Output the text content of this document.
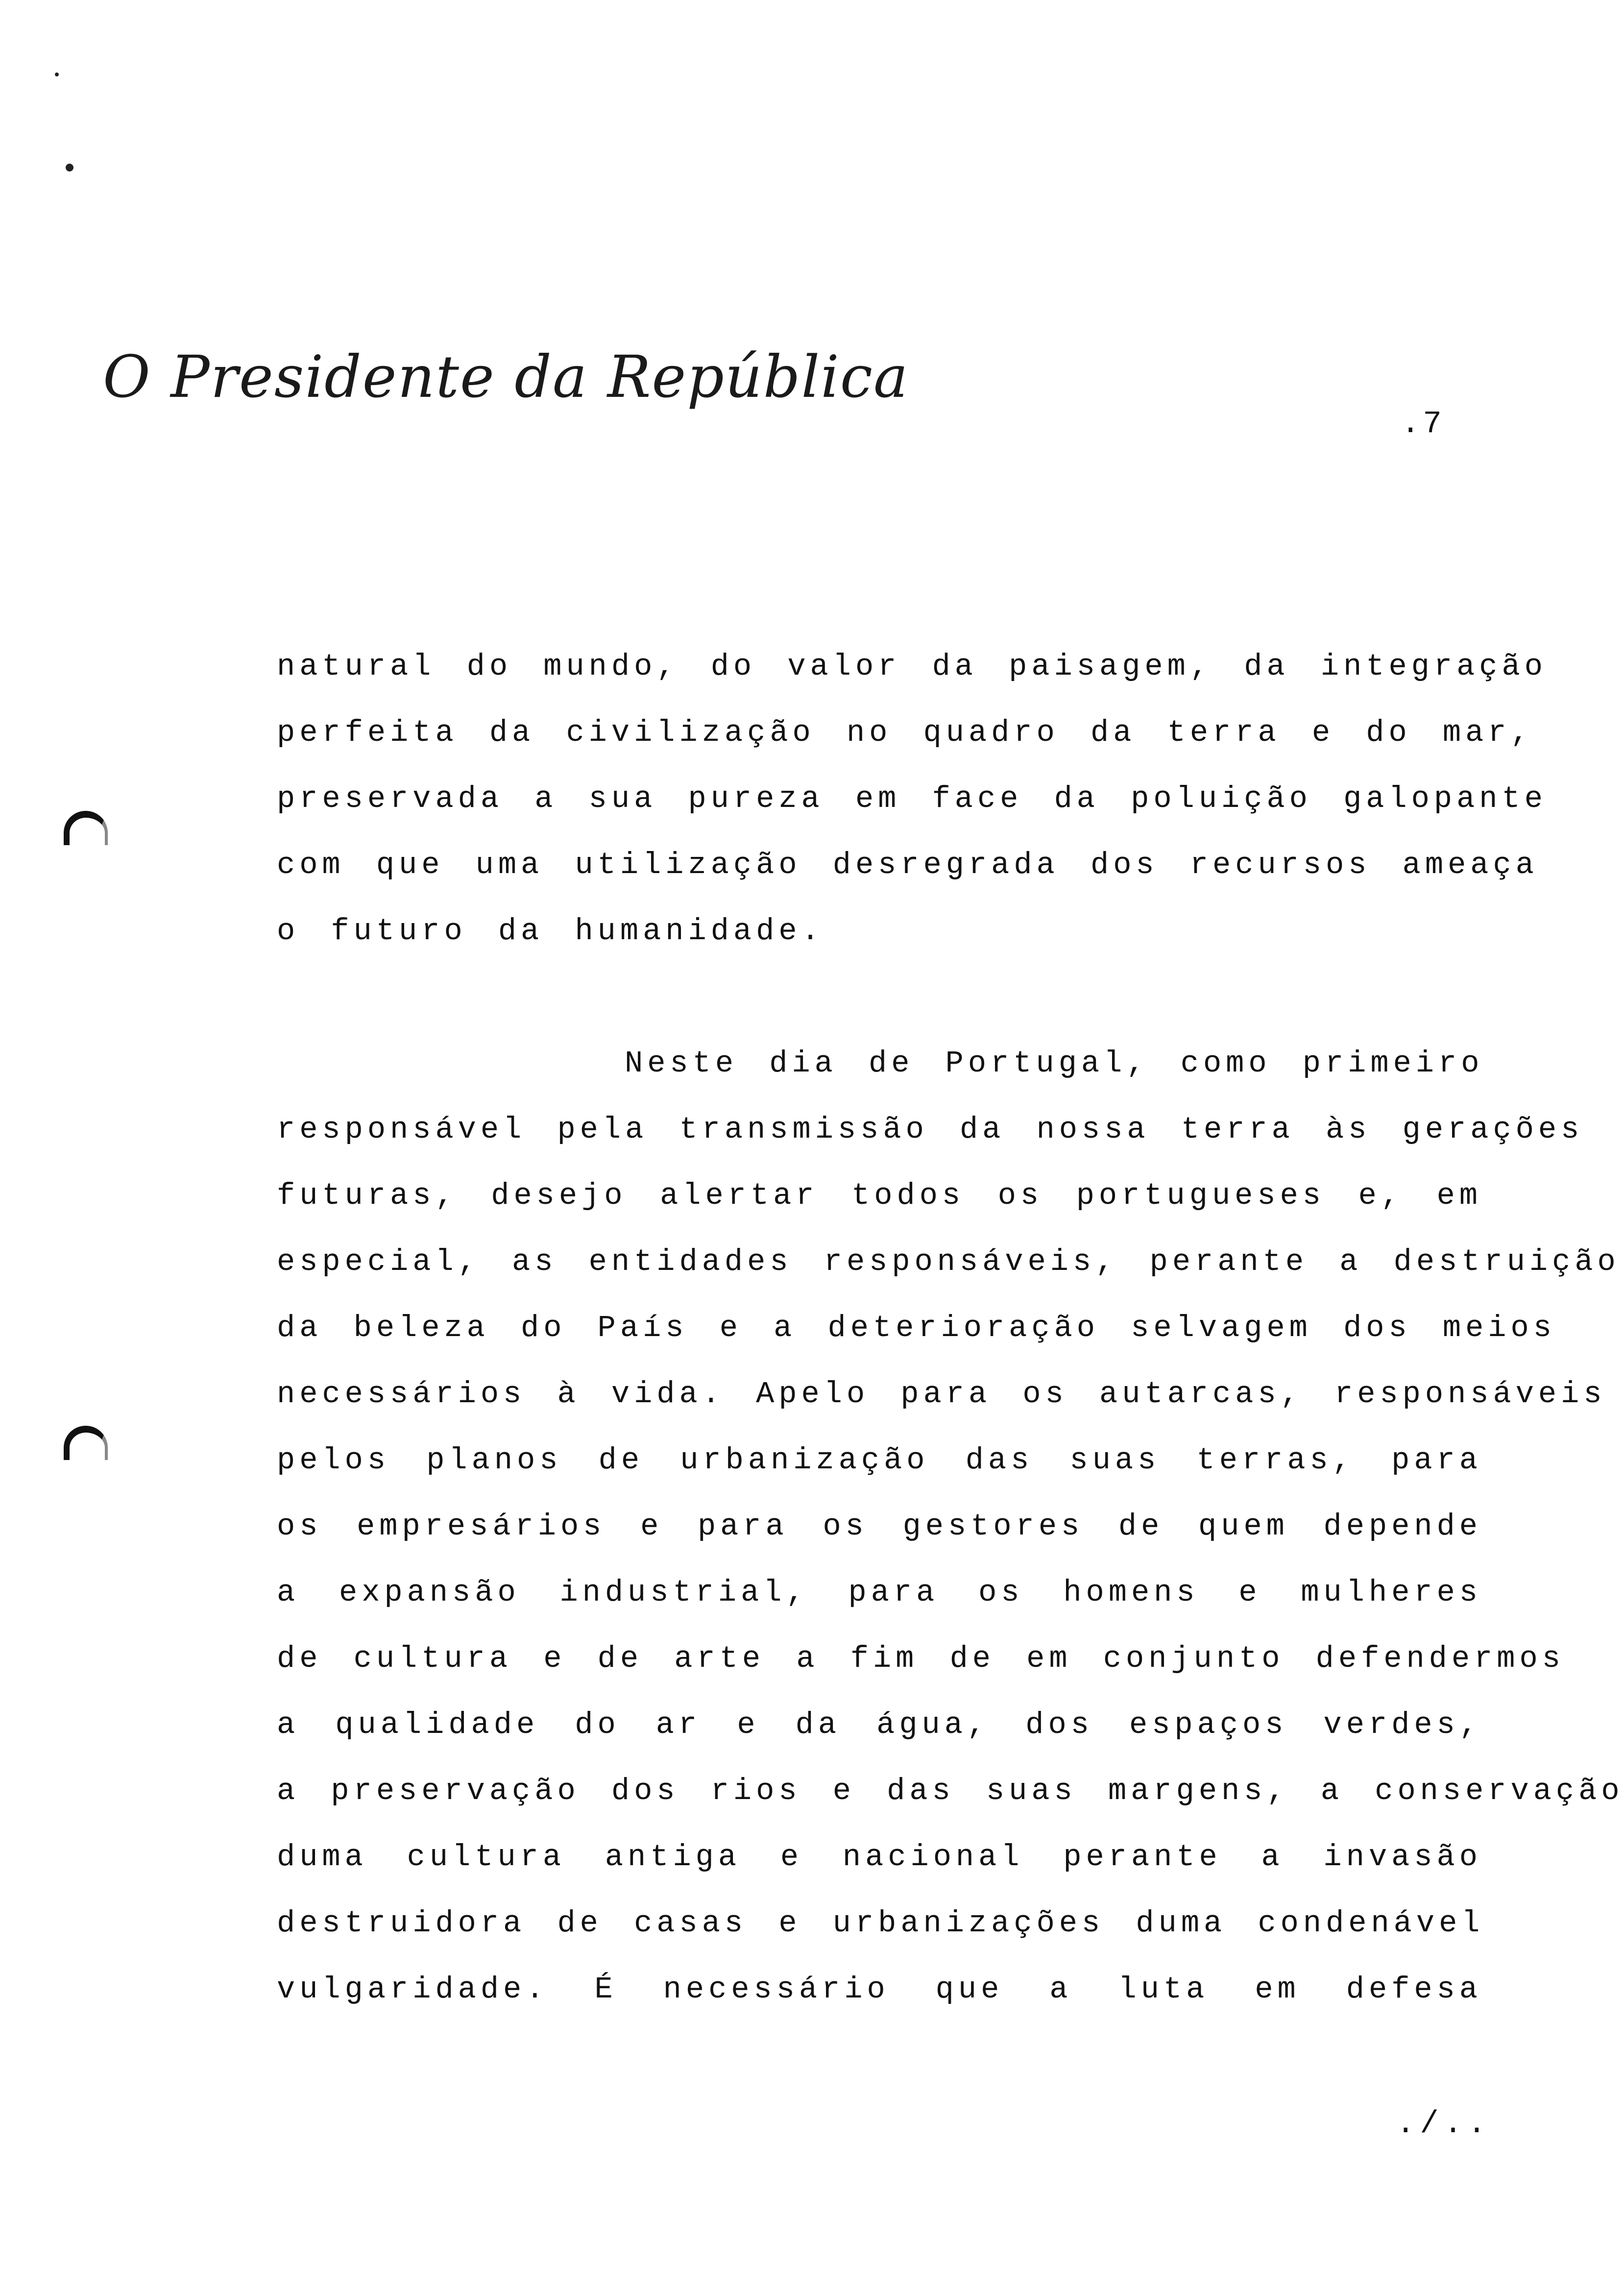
O Presidente da República
.7
natural do mundo, do valor da paisagem, da integração
perfeita da civilização no quadro da terra e do mar,
preservada a sua pureza em face da poluição galopante
com que uma utilização desregrada dos recursos ameaça
o futuro da humanidade.
Neste dia de Portugal, como primeiro
responsável pela transmissão da nossa terra às gerações
futuras, desejo alertar todos os portugueses e, em
especial, as entidades responsáveis, perante a destruição
da beleza do País e a deterioração selvagem dos meios
necessários à vida. Apelo para os autarcas, responsáveis
pelos planos de urbanização das suas terras, para
os empresários e para os gestores de quem depende
a expansão industrial, para os homens e mulheres
de cultura e de arte a fim de em conjunto defendermos
a qualidade do ar e da água, dos espaços verdes,
a preservação dos rios e das suas margens, a conservação
duma cultura antiga e nacional perante a invasão
destruidora de casas e urbanizações duma condenável
vulgaridade. É necessário que a luta em defesa
./..
